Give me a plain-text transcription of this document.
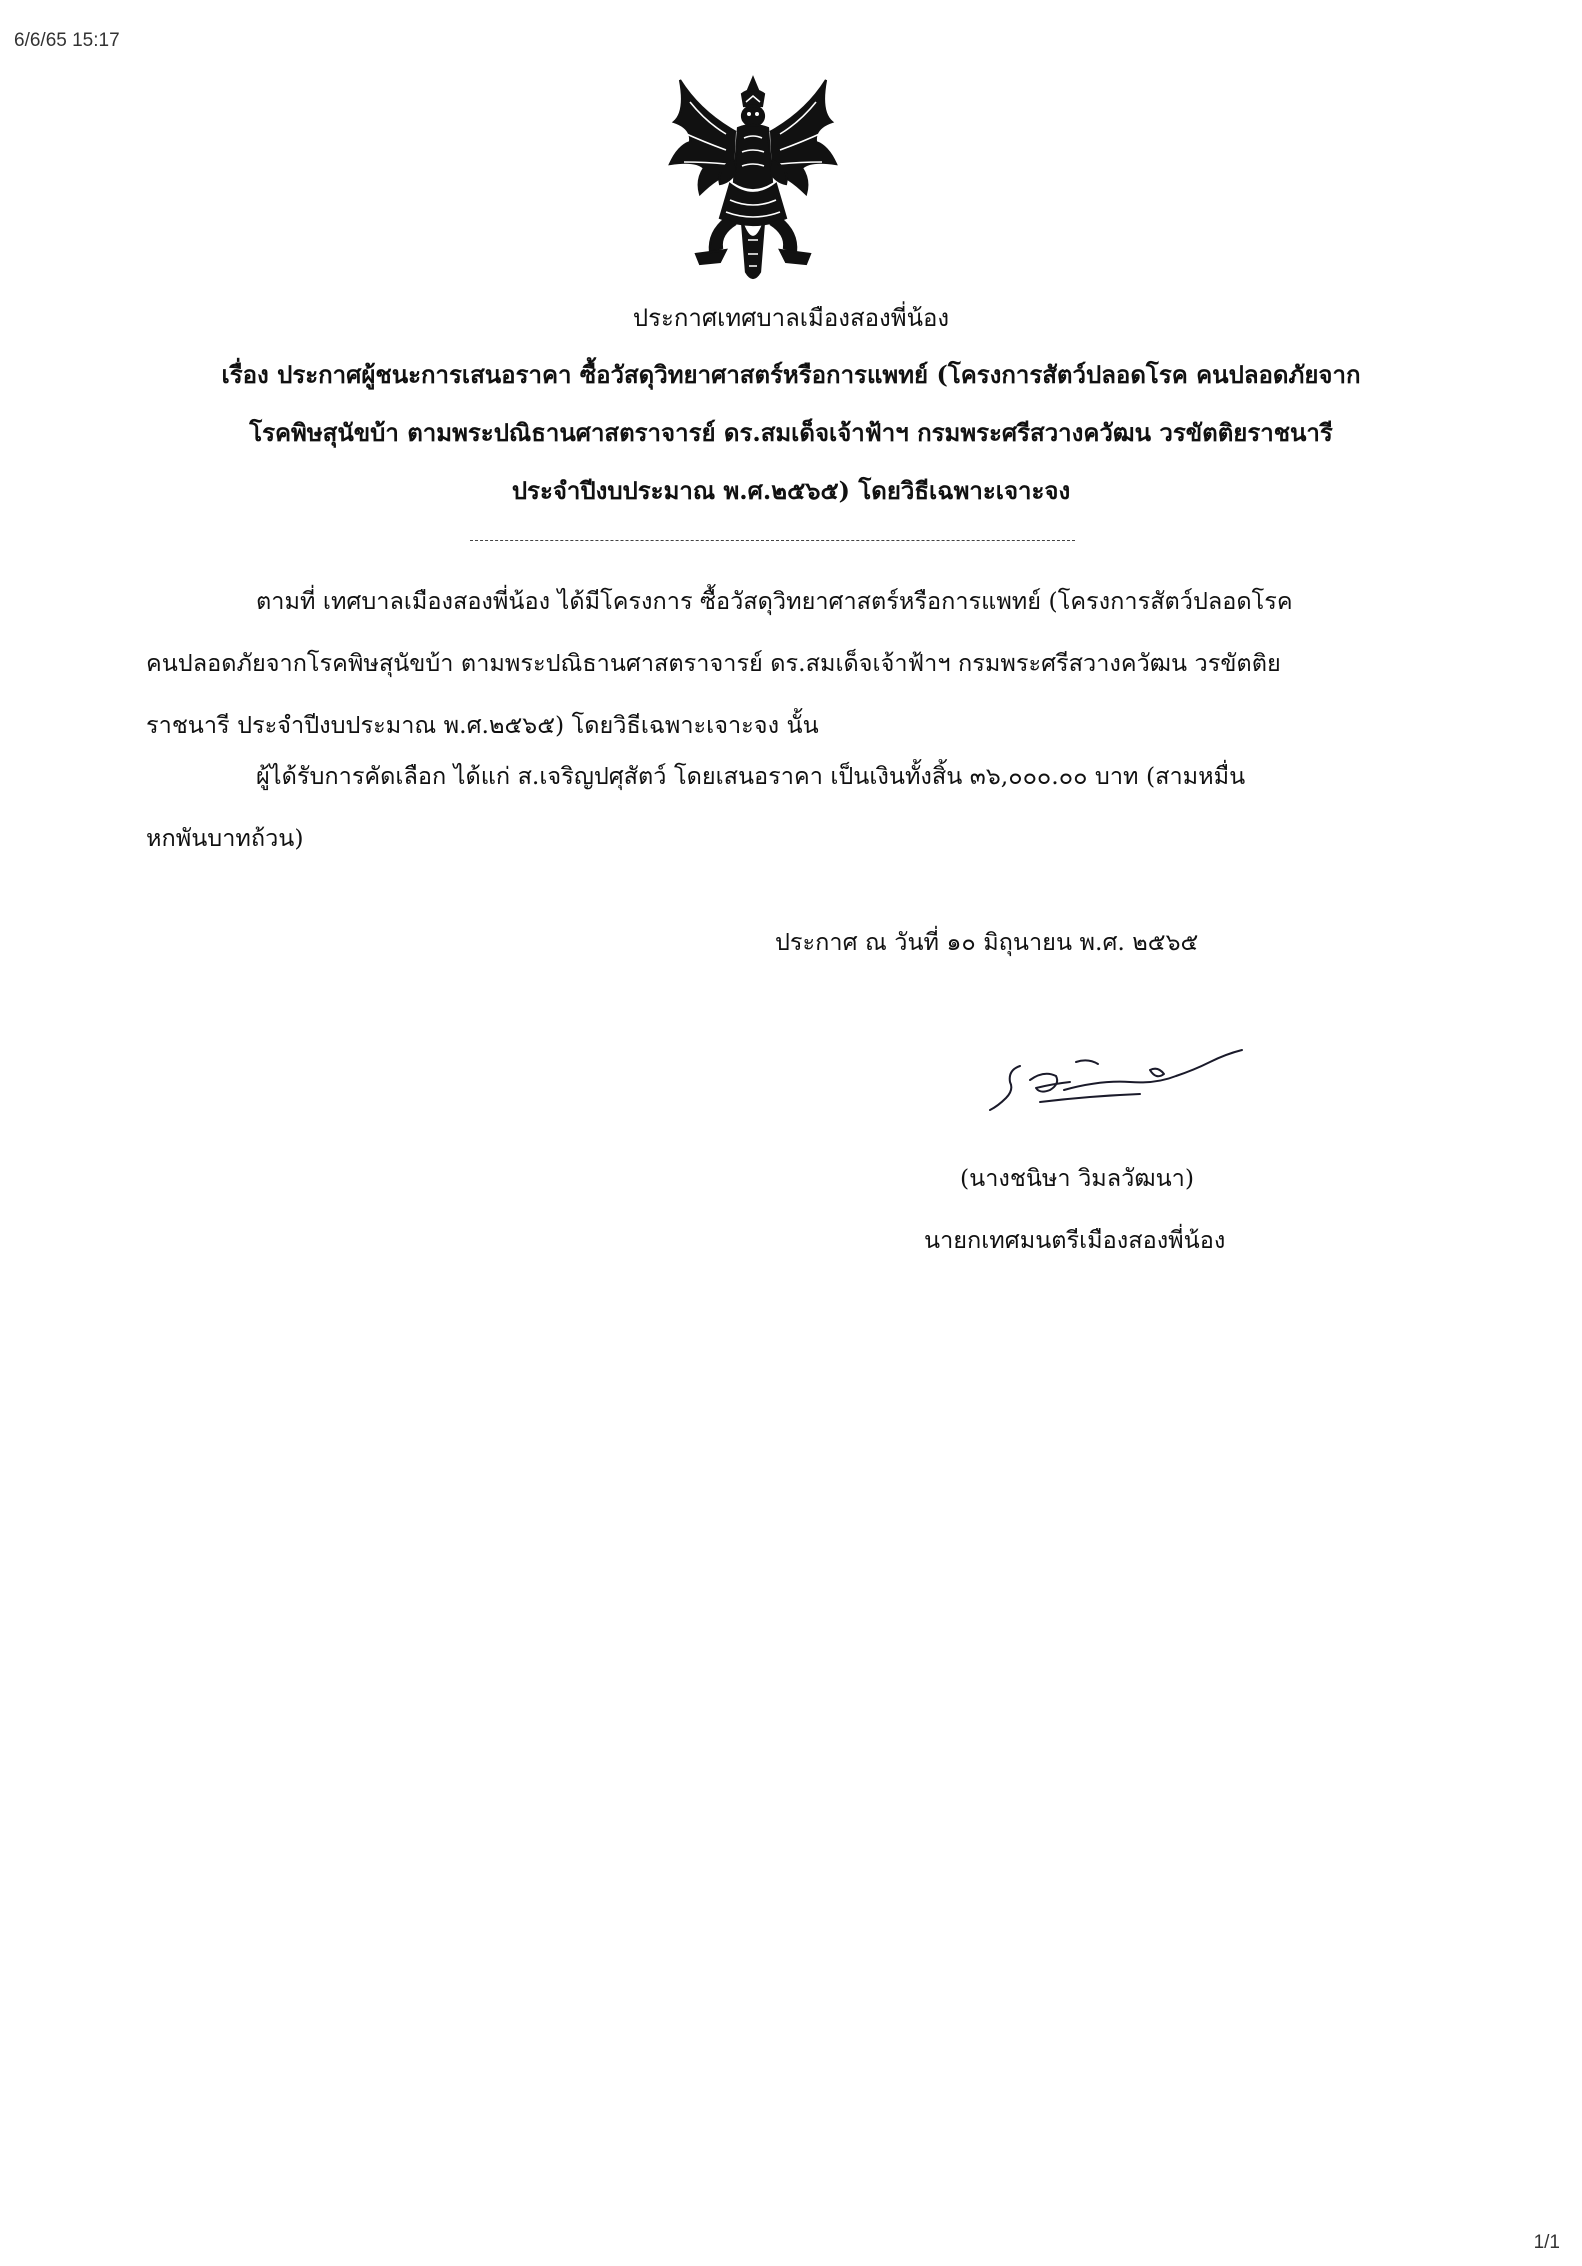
6/6/65 15:17
ประกาศเทศบาลเมืองสองพี่น้อง
เรื่อง ประกาศผู้ชนะการเสนอราคา ซื้อวัสดุวิทยาศาสตร์หรือการแพทย์ (โครงการสัตว์ปลอดโรค คนปลอดภัยจาก
โรคพิษสุนัขบ้า ตามพระปณิธานศาสตราจารย์ ดร.สมเด็จเจ้าฟ้าฯ กรมพระศรีสวางควัฒน วรขัตติยราชนารี
ประจำปีงบประมาณ พ.ศ.๒๕๖๕) โดยวิธีเฉพาะเจาะจง
ตามที่ เทศบาลเมืองสองพี่น้อง ได้มีโครงการ ซื้อวัสดุวิทยาศาสตร์หรือการแพทย์ (โครงการสัตว์ปลอดโรค
คนปลอดภัยจากโรคพิษสุนัขบ้า ตามพระปณิธานศาสตราจารย์ ดร.สมเด็จเจ้าฟ้าฯ กรมพระศรีสวางควัฒน วรขัตติย
ราชนารี ประจำปีงบประมาณ พ.ศ.๒๕๖๕) โดยวิธีเฉพาะเจาะจง นั้น
ผู้ได้รับการคัดเลือก ได้แก่ ส.เจริญปศุสัตว์ โดยเสนอราคา เป็นเงินทั้งสิ้น ๓๖,๐๐๐.๐๐ บาท (สามหมื่น
หกพันบาทถ้วน)
ประกาศ ณ วันที่ ๑๐ มิถุนายน พ.ศ. ๒๕๖๕
(นางชนิษา วิมลวัฒนา)
นายกเทศมนตรีเมืองสองพี่น้อง
1/1
